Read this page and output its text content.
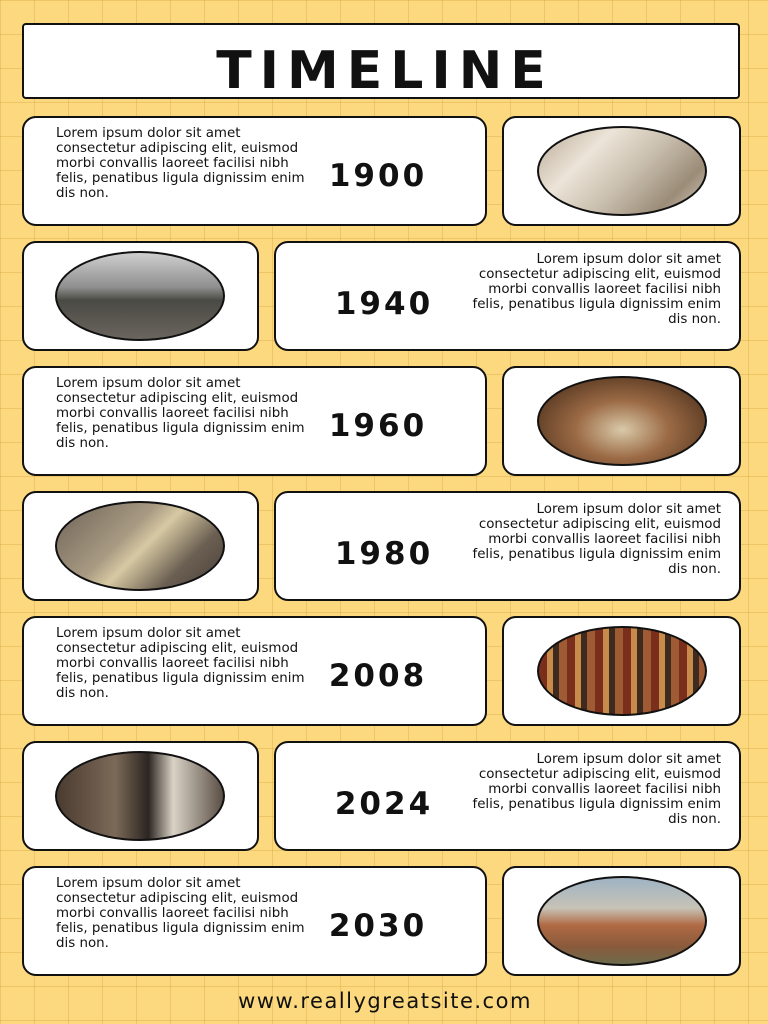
TIMELINE
Lorem ipsum dolor sit amet consectetur adipiscing elit, euismod morbi convallis laoreet facilisi nibh felis, penatibus ligula dignissim enim dis non.	1900
1940
Lorem ipsum dolor sit amet consectetur adipiscing elit, euismod morbi convallis laoreet facilisi nibh felis, penatibus ligula dignissim enim dis non.
Lorem ipsum dolor sit amet consectetur adipiscing elit, euismod morbi convallis laoreet facilisi nibh felis, penatibus ligula dignissim enim dis non.	1960
1980
Lorem ipsum dolor sit amet consectetur adipiscing elit, euismod morbi convallis laoreet facilisi nibh felis, penatibus ligula dignissim enim dis non.
Lorem ipsum dolor sit amet consectetur adipiscing elit, euismod morbi convallis laoreet facilisi nibh felis, penatibus ligula dignissim enim dis non.	2008
2024
Lorem ipsum dolor sit amet consectetur adipiscing elit, euismod morbi convallis laoreet facilisi nibh felis, penatibus ligula dignissim enim dis non.
Lorem ipsum dolor sit amet consectetur adipiscing elit, euismod morbi convallis laoreet facilisi nibh felis, penatibus ligula dignissim enim dis non.	2030
www.reallygreatsite.com
